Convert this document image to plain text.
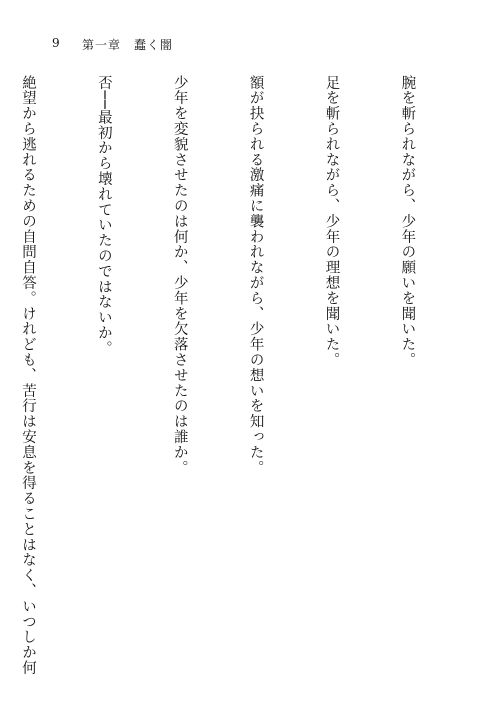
9 第一章　蠢く闇

腕を斬られながら、少年の願いを聞いた。

足を斬られながら、少年の理想を聞いた。

額が抉られる激痛に襲われながら、少年の想いを知った。

少年を変貌させたのは何か、少年を欠落させたのは誰か。

否──最初から壊れていたのではないか。

絶望から逃れるための自問自答。けれども、苦行は安息を得ることはなく、いつしか何
